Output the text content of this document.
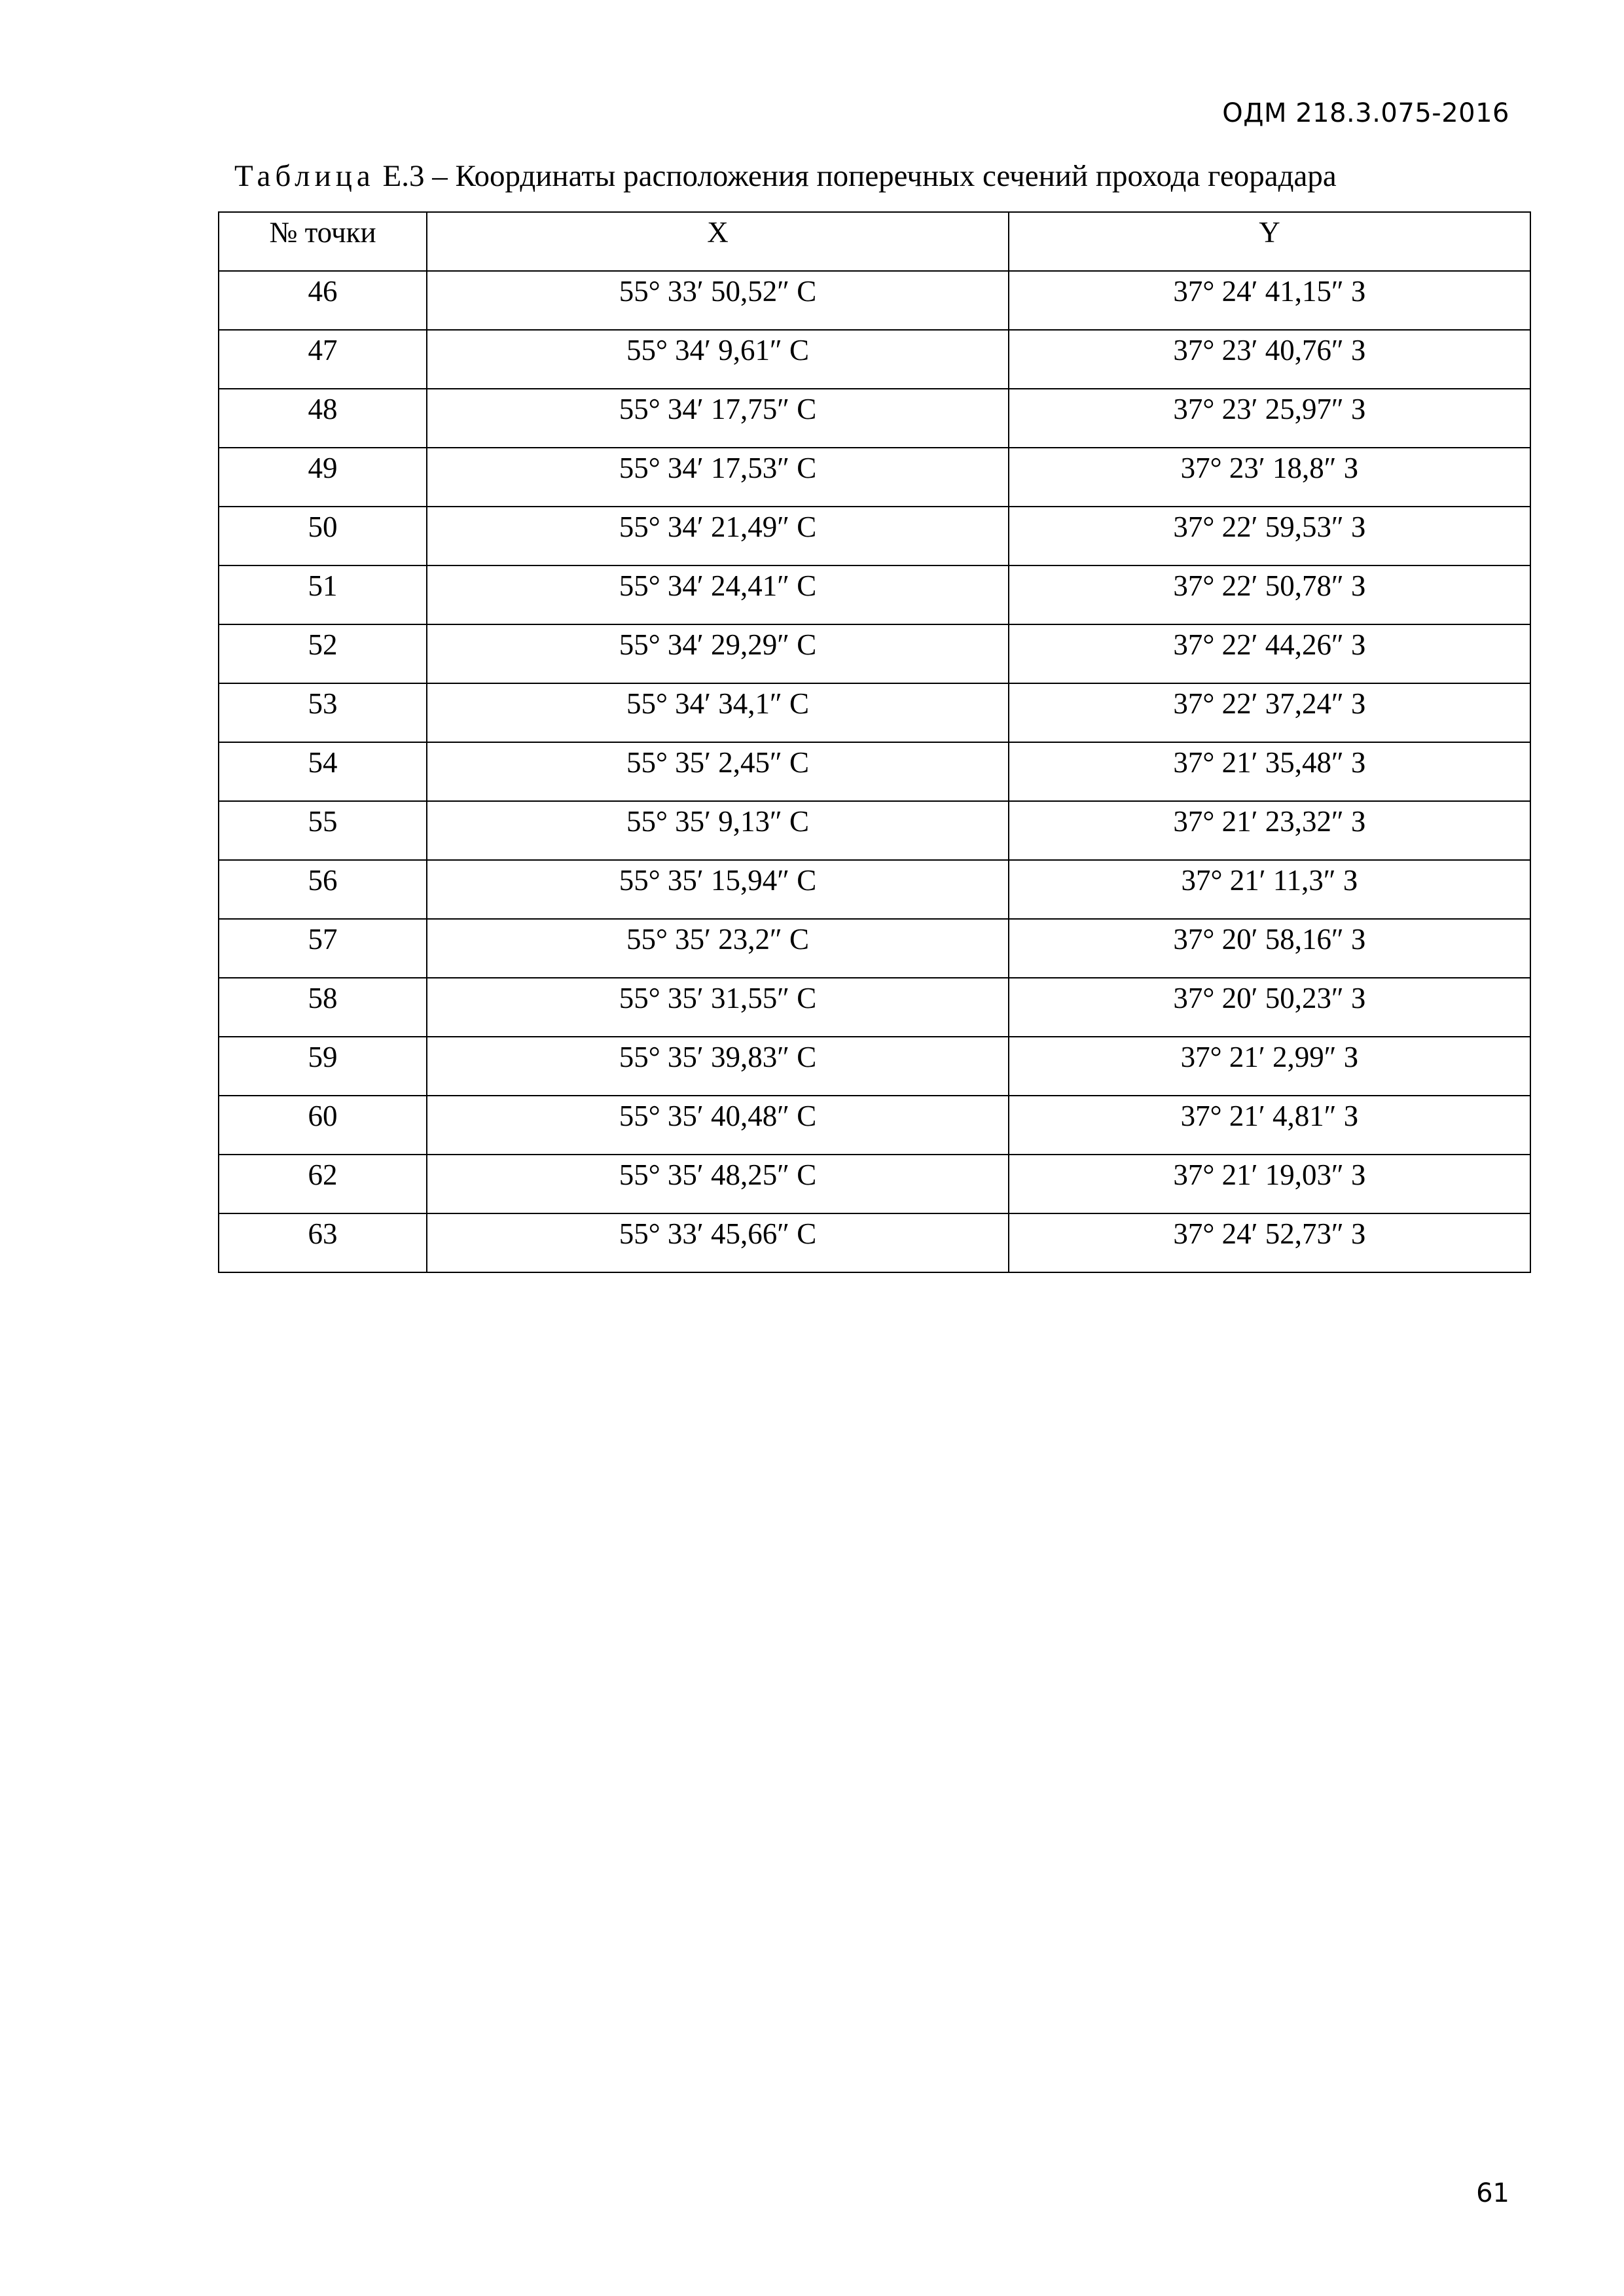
ОДМ 218.3.075-2016
Таблица Е.3 – Координаты расположения поперечных сечений прохода георадара
№ точки	X	Y
46	55° 33′ 50,52″ С	37° 24′ 41,15″ З
47	55° 34′ 9,61″ С	37° 23′ 40,76″ З
48	55° 34′ 17,75″ С	37° 23′ 25,97″ З
49	55° 34′ 17,53″ С	37° 23′ 18,8″ З
50	55° 34′ 21,49″ С	37° 22′ 59,53″ З
51	55° 34′ 24,41″ С	37° 22′ 50,78″ З
52	55° 34′ 29,29″ С	37° 22′ 44,26″ З
53	55° 34′ 34,1″ С	37° 22′ 37,24″ З
54	55° 35′ 2,45″ С	37° 21′ 35,48″ З
55	55° 35′ 9,13″ С	37° 21′ 23,32″ З
56	55° 35′ 15,94″ С	37° 21′ 11,3″ З
57	55° 35′ 23,2″ С	37° 20′ 58,16″ З
58	55° 35′ 31,55″ С	37° 20′ 50,23″ З
59	55° 35′ 39,83″ С	37° 21′ 2,99″ З
60	55° 35′ 40,48″ С	37° 21′ 4,81″ З
62	55° 35′ 48,25″ С	37° 21′ 19,03″ З
63	55° 33′ 45,66″ С	37° 24′ 52,73″ З
61
